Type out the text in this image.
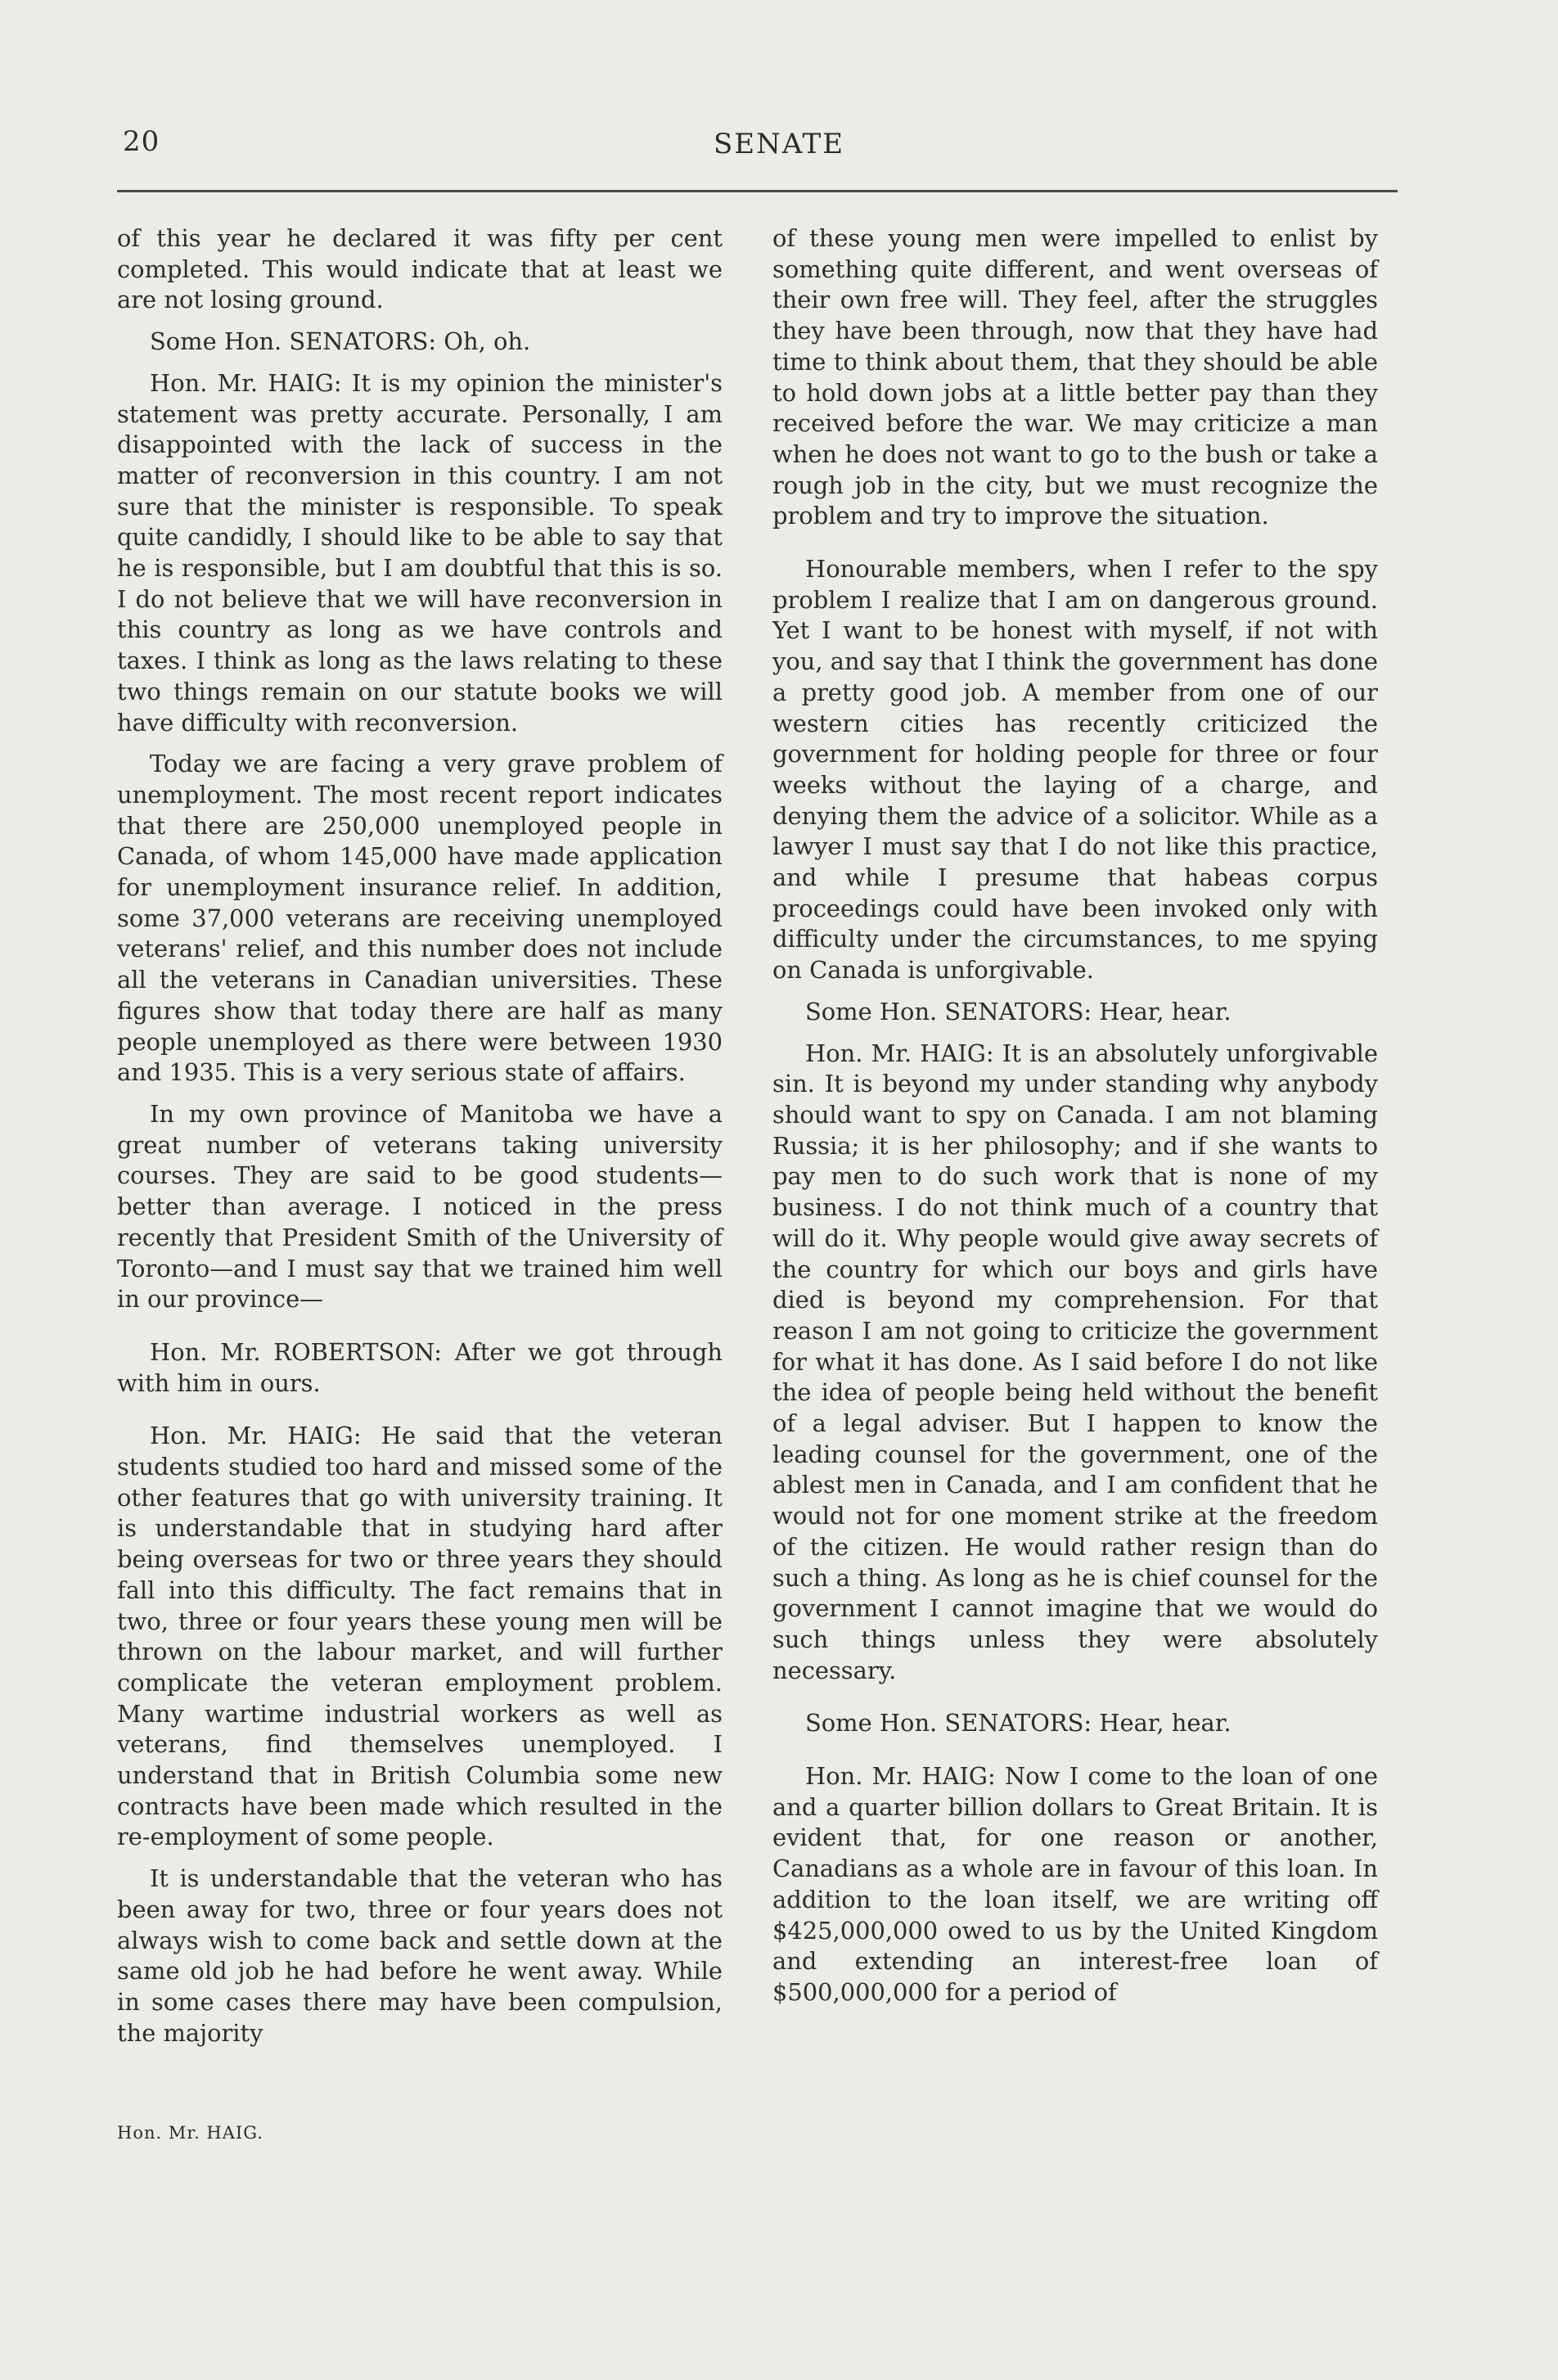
20	SENATE

of this year he declared it was fifty per cent completed. This would indicate that at least we are not losing ground.

Some Hon. SENATORS: Oh, oh.

Hon. Mr. HAIG: It is my opinion the minister's statement was pretty accurate. Personally, I am disappointed with the lack of success in the matter of reconversion in this country. I am not sure that the minister is responsible. To speak quite candidly, I should like to be able to say that he is responsible, but I am doubtful that this is so. I do not believe that we will have reconversion in this country as long as we have controls and taxes. I think as long as the laws relating to these two things remain on our statute books we will have difficulty with reconversion.

Today we are facing a very grave problem of unemployment. The most recent report indicates that there are 250,000 unemployed people in Canada, of whom 145,000 have made application for unemployment insurance relief. In addition, some 37,000 veterans are receiving unemployed veterans' relief, and this number does not include all the veterans in Canadian universities. These figures show that today there are half as many people unemployed as there were between 1930 and 1935. This is a very serious state of affairs.

In my own province of Manitoba we have a great number of veterans taking university courses. They are said to be good students—better than average. I noticed in the press recently that President Smith of the University of Toronto—and I must say that we trained him well in our province—

Hon. Mr. ROBERTSON: After we got through with him in ours.

Hon. Mr. HAIG: He said that the veteran students studied too hard and missed some of the other features that go with university training. It is understandable that in studying hard after being overseas for two or three years they should fall into this difficulty. The fact remains that in two, three or four years these young men will be thrown on the labour market, and will further complicate the veteran employment problem. Many wartime industrial workers as well as veterans, find themselves unemployed. I understand that in British Columbia some new contracts have been made which resulted in the re-employment of some people.

It is understandable that the veteran who has been away for two, three or four years does not always wish to come back and settle down at the same old job he had before he went away. While in some cases there may have been compulsion, the majority

of these young men were impelled to enlist by something quite different, and went overseas of their own free will. They feel, after the struggles they have been through, now that they have had time to think about them, that they should be able to hold down jobs at a little better pay than they received before the war. We may criticize a man when he does not want to go to the bush or take a rough job in the city, but we must recognize the problem and try to improve the situation.

Honourable members, when I refer to the spy problem I realize that I am on dangerous ground. Yet I want to be honest with myself, if not with you, and say that I think the government has done a pretty good job. A member from one of our western cities has recently criticized the government for holding people for three or four weeks without the laying of a charge, and denying them the advice of a solicitor. While as a lawyer I must say that I do not like this practice, and while I presume that habeas corpus proceedings could have been invoked only with difficulty under the circumstances, to me spying on Canada is unforgivable.

Some Hon. SENATORS: Hear, hear.

Hon. Mr. HAIG: It is an absolutely unforgivable sin. It is beyond my under standing why anybody should want to spy on Canada. I am not blaming Russia; it is her philosophy; and if she wants to pay men to do such work that is none of my business. I do not think much of a country that will do it. Why people would give away secrets of the country for which our boys and girls have died is beyond my comprehension. For that reason I am not going to criticize the government for what it has done. As I said before I do not like the idea of people being held without the benefit of a legal adviser. But I happen to know the leading counsel for the government, one of the ablest men in Canada, and I am confident that he would not for one moment strike at the freedom of the citizen. He would rather resign than do such a thing. As long as he is chief counsel for the government I cannot imagine that we would do such things unless they were absolutely necessary.

Some Hon. SENATORS: Hear, hear.

Hon. Mr. HAIG: Now I come to the loan of one and a quarter billion dollars to Great Britain. It is evident that, for one reason or another, Canadians as a whole are in favour of this loan. In addition to the loan itself, we are writing off $425,000,000 owed to us by the United Kingdom and extending an interest-free loan of $500,000,000 for a period of

Hon. Mr. HAIG.
